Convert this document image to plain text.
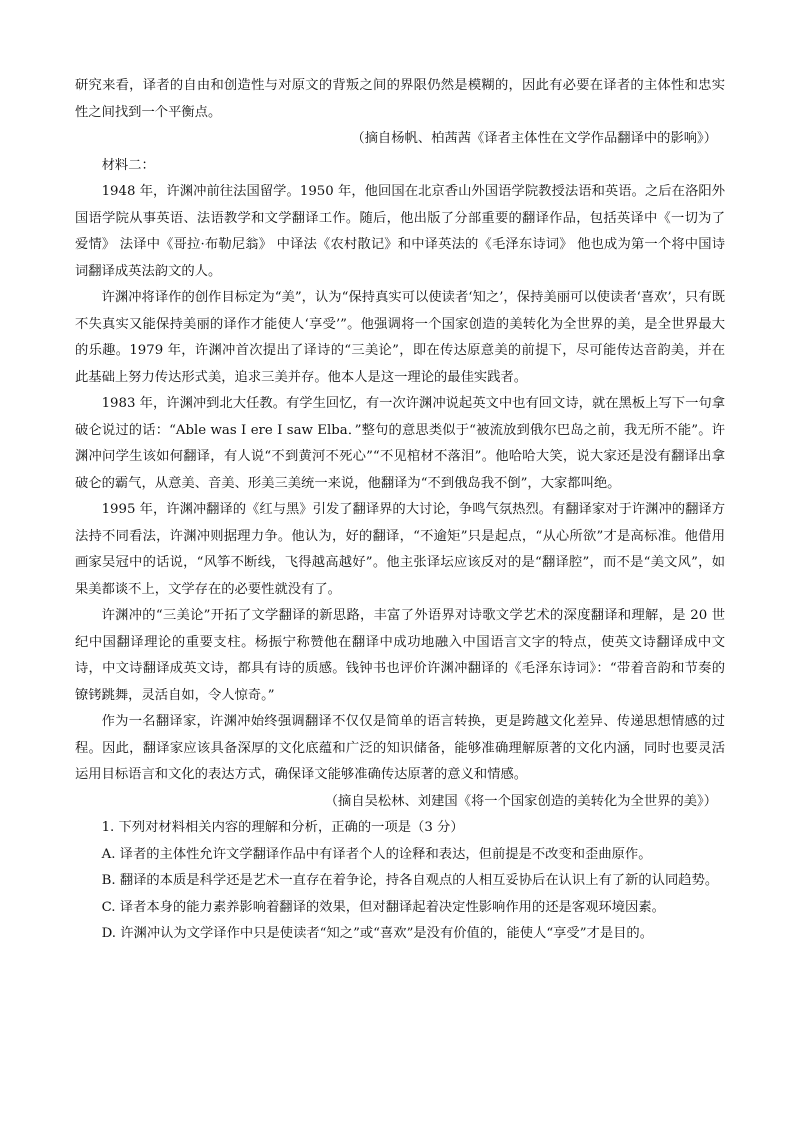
研究来看，译者的自由和创造性与对原文的背叛之间的界限仍然是模糊的，因此有必要在译者的主体性和忠实性之间找到一个平衡点。

（摘自杨帆、柏茜茜《译者主体性在文学作品翻译中的影响》）

材料二：

1948 年，许渊冲前往法国留学。1950 年，他回国在北京香山外国语学院教授法语和英语。之后在洛阳外国语学院从事英语、法语教学和文学翻译工作。随后，他出版了分部重要的翻译作品，包括英译中《一切为了爱情》 法译中《哥拉·布勒尼翁》 中译法《农村散记》和中译英法的《毛泽东诗词》 他也成为第一个将中国诗词翻译成英法韵文的人。

许渊冲将译作的创作目标定为“美”，认为“保持真实可以使读者‘知之’，保持美丽可以使读者‘喜欢’，只有既不失真实又能保持美丽的译作才能使人‘享受’”。他强调将一个国家创造的美转化为全世界的美，是全世界最大的乐趣。1979 年，许渊冲首次提出了译诗的“三美论”，即在传达原意美的前提下，尽可能传达音韵美，并在此基础上努力传达形式美，追求三美并存。他本人是这一理论的最佳实践者。

1983 年，许渊冲到北大任教。有学生回忆，有一次许渊冲说起英文中也有回文诗，就在黑板上写下一句拿破仑说过的话：“Able was I ere I saw Elba．”整句的意思类似于“被流放到俄尔巴岛之前，我无所不能”。许渊冲问学生该如何翻译，有人说“不到黄河不死心”“不见棺材不落泪”。他哈哈大笑，说大家还是没有翻译出拿破仑的霸气，从意美、音美、形美三美统一来说，他翻译为“不到俄岛我不倒”，大家都叫绝。

1995 年，许渊冲翻译的《红与黑》引发了翻译界的大讨论，争鸣气氛热烈。有翻译家对于许渊冲的翻译方法持不同看法，许渊冲则据理力争。他认为，好的翻译，“不逾矩”只是起点，“从心所欲”才是高标准。他借用画家吴冠中的话说，“风筝不断线，飞得越高越好”。他主张译坛应该反对的是“翻译腔”，而不是“美文风”，如果美都谈不上，文学存在的必要性就没有了。

许渊冲的“三美论”开拓了文学翻译的新思路，丰富了外语界对诗歌文学艺术的深度翻译和理解，是 20 世纪中国翻译理论的重要支柱。杨振宁称赞他在翻译中成功地融入中国语言文字的特点，使英文诗翻译成中文诗，中文诗翻译成英文诗，都具有诗的质感。钱钟书也评价许渊冲翻译的《毛泽东诗词》：“带着音韵和节奏的镣铐跳舞，灵活自如，令人惊奇。”

作为一名翻译家，许渊冲始终强调翻译不仅仅是简单的语言转换，更是跨越文化差异、传递思想情感的过程。因此，翻译家应该具备深厚的文化底蕴和广泛的知识储备，能够准确理解原著的文化内涵，同时也要灵活运用目标语言和文化的表达方式，确保译文能够准确传达原著的意义和情感。

（摘自吴松林、刘建国《将一个国家创造的美转化为全世界的美》）

1. 下列对材料相关内容的理解和分析，正确的一项是（3 分）

A. 译者的主体性允许文学翻译作品中有译者个人的诠释和表达，但前提是不改变和歪曲原作。

B. 翻译的本质是科学还是艺术一直存在着争论，持各自观点的人相互妥协后在认识上有了新的认同趋势。

C. 译者本身的能力素养影响着翻译的效果，但对翻译起着决定性影响作用的还是客观环境因素。

D. 许渊冲认为文学译作中只是使读者“知之”或“喜欢”是没有价值的，能使人“享受”才是目的。
